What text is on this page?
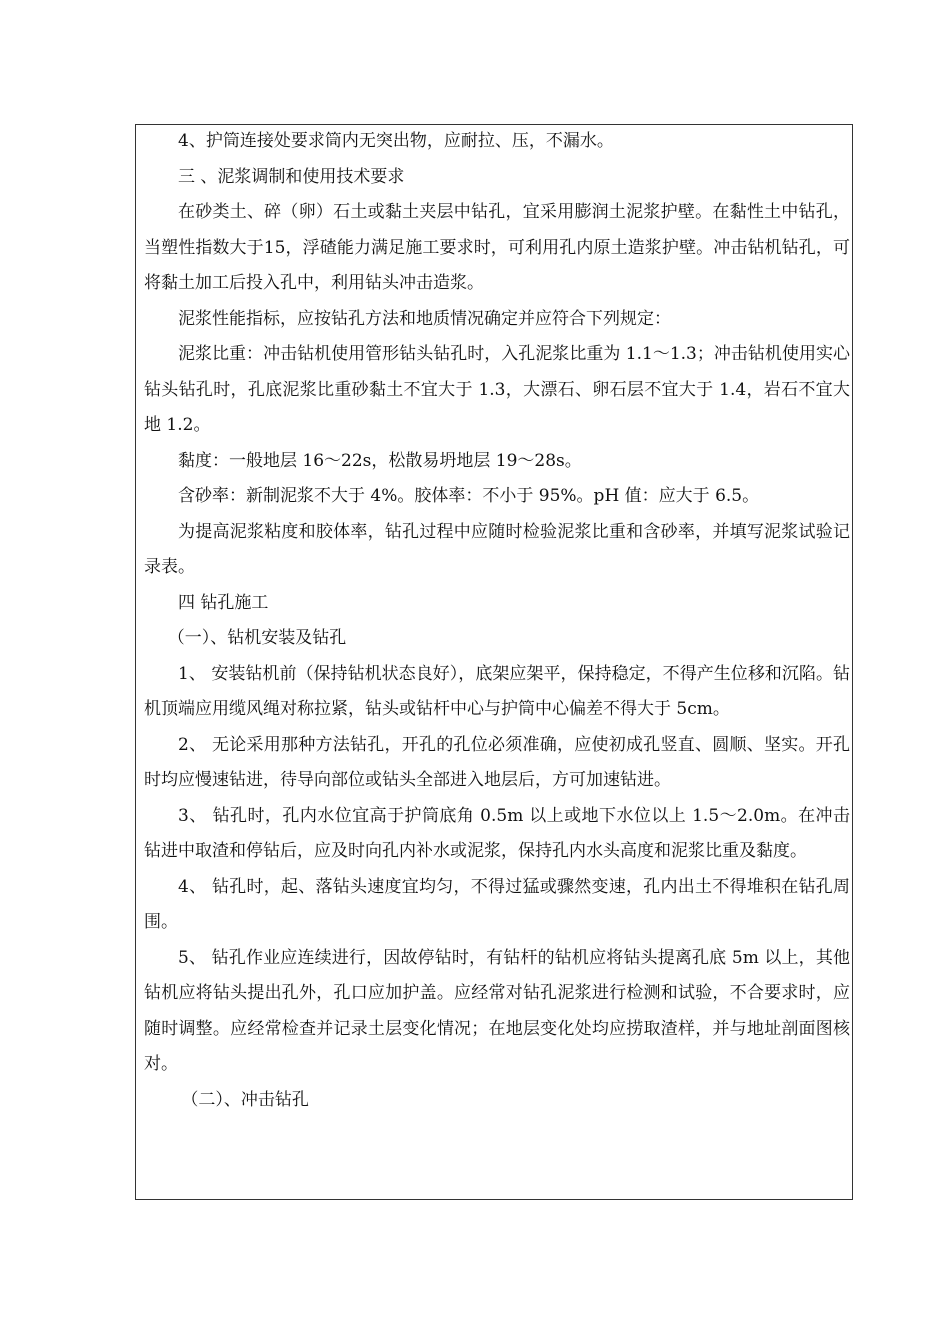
4、护筒连接处要求筒内无突出物，应耐拉、压，不漏水。

三 、泥浆调制和使用技术要求

在砂类土、碎（卵）石土或黏土夹层中钻孔，宜采用膨润土泥浆护壁。在黏性土中钻孔，当塑性指数大于15，浮碴能力满足施工要求时，可利用孔内原土造浆护壁。冲击钻机钻孔，可将黏土加工后投入孔中，利用钻头冲击造浆。

泥浆性能指标，应按钻孔方法和地质情况确定并应符合下列规定：

泥浆比重：冲击钻机使用管形钻头钻孔时，入孔泥浆比重为 1.1～1.3；冲击钻机使用实心钻头钻孔时，孔底泥浆比重砂黏土不宜大于 1.3，大漂石、卵石层不宜大于 1.4，岩石不宜大地 1.2。

黏度：一般地层 16～22s，松散易坍地层 19～28s。

含砂率：新制泥浆不大于 4%。胶体率：不小于 95%。pH 值：应大于 6.5。

为提高泥浆粘度和胶体率，钻孔过程中应随时检验泥浆比重和含砂率，并填写泥浆试验记录表。

四 钻孔施工

（一）、钻机安装及钻孔

1、 安装钻机前（保持钻机状态良好），底架应架平，保持稳定，不得产生位移和沉陷。钻机顶端应用缆风绳对称拉紧，钻头或钻杆中心与护筒中心偏差不得大于 5cm。

2、 无论采用那种方法钻孔，开孔的孔位必须准确，应使初成孔竖直、圆顺、坚实。开孔时均应慢速钻进，待导向部位或钻头全部进入地层后，方可加速钻进。

3、 钻孔时，孔内水位宜高于护筒底角 0.5m 以上或地下水位以上 1.5～2.0m。在冲击钻进中取渣和停钻后，应及时向孔内补水或泥浆，保持孔内水头高度和泥浆比重及黏度。

4、 钻孔时，起、落钻头速度宜均匀，不得过猛或骤然变速，孔内出土不得堆积在钻孔周围。

5、 钻孔作业应连续进行，因故停钻时，有钻杆的钻机应将钻头提离孔底 5m 以上，其他钻机应将钻头提出孔外，孔口应加护盖。应经常对钻孔泥浆进行检测和试验，不合要求时，应随时调整。应经常检查并记录土层变化情况；在地层变化处均应捞取渣样，并与地址剖面图核对。

（二）、冲击钻孔
